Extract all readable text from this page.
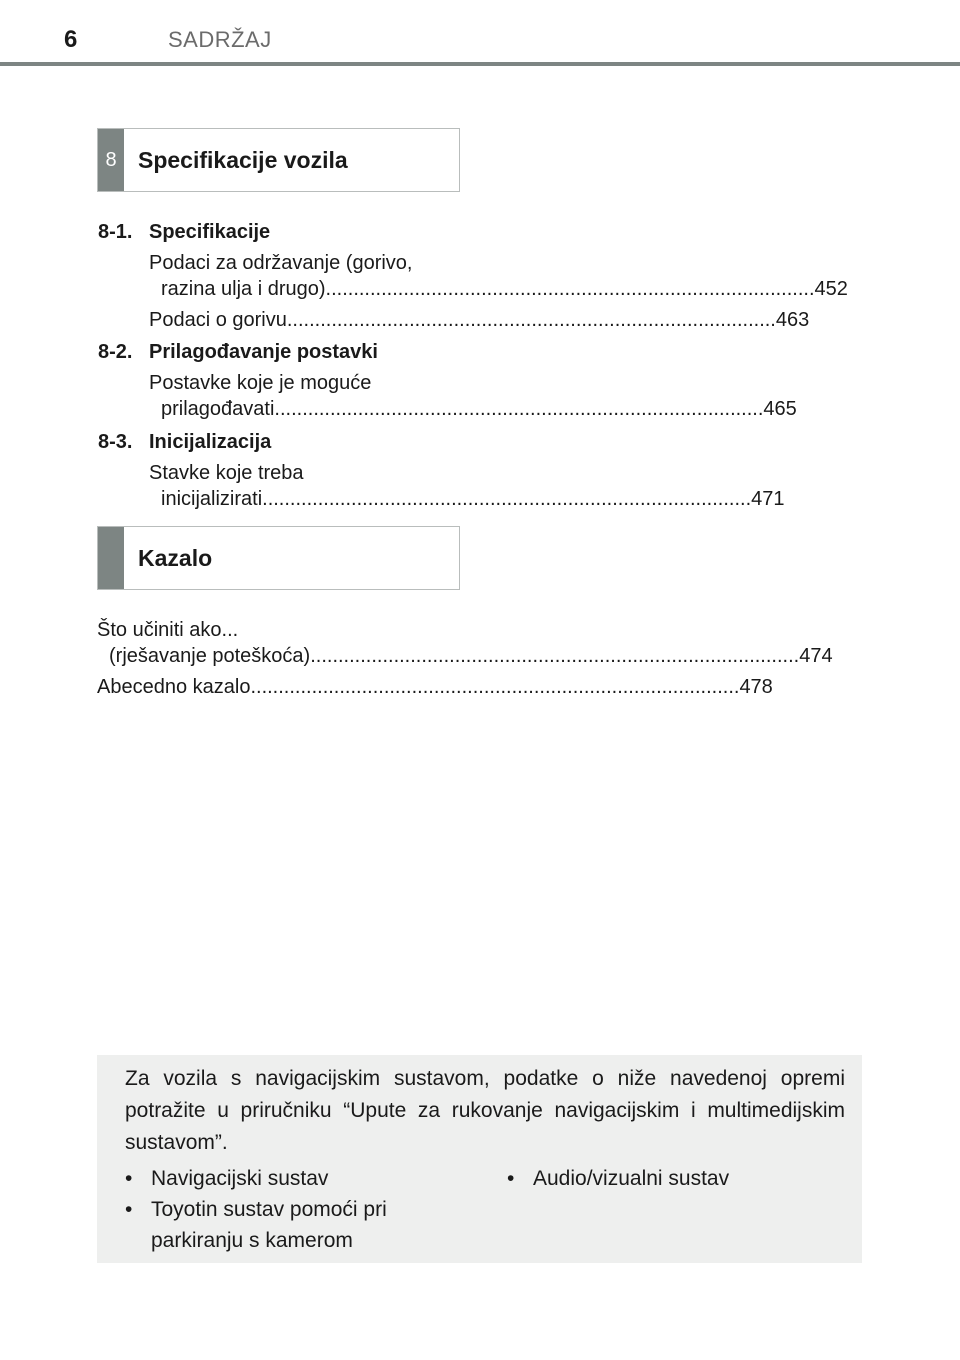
6	SADRŽAJ
8 Specifikacije vozila
8-1. Specifikacije
Podaci za održavanje (gorivo,
razina ulja i drugo) .....	452
Podaci o gorivu .....	463
8-2. Prilagođavanje postavki
Postavke koje je moguće
prilagođavati .....	465
8-3. Inicijalizacija
Stavke koje treba
inicijalizirati .....	471
Kazalo
Što učiniti ako...
(rješavanje poteškoća) ........................................................................................ 474
Abecedno kazalo ........................................................................................ 478
Za vozila s navigacijskim sustavom, podatke o niže navedenoj opremi potražite u priručniku “Upute za rukovanje navigacijskim i multimedijskim sustavom”.
• Navigacijski sustav
• Toyotin sustav pomoći pri parkiranju s kamerom
• Audio/vizualni sustav
